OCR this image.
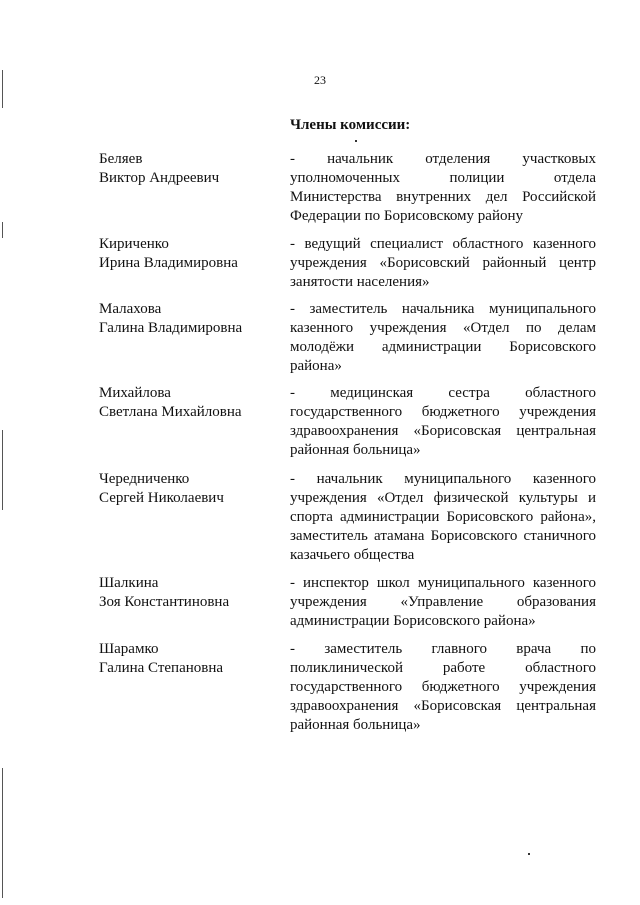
23
Члены комиссии:
Беляев
Виктор Андреевич
- начальник отделения участковых уполномоченных полиции отдела Министерства внутренних дел Российской Федерации по Борисовскому району
Кириченко
Ирина Владимировна
- ведущий специалист областного казенного учреждения «Борисовский районный центр занятости населения»
Малахова
Галина Владимировна
- заместитель начальника муниципального казенного учреждения «Отдел по делам молодёжи администрации Борисовского района»
Михайлова
Светлана Михайловна
- медицинская сестра областного государственного бюджетного учреждения здравоохранения «Борисовская центральная районная больница»
Чередниченко
Сергей Николаевич
- начальник муниципального казенного учреждения «Отдел физической культуры и спорта администрации Борисовского района», заместитель атамана Борисовского станичного казачьего общества
Шалкина
Зоя Константиновна
- инспектор школ муниципального казенного учреждения «Управление образования администрации Борисовского района»
Шарамко
Галина Степановна
- заместитель главного врача по поликлинической работе областного государственного бюджетного учреждения здравоохранения «Борисовская центральная районная больница»
